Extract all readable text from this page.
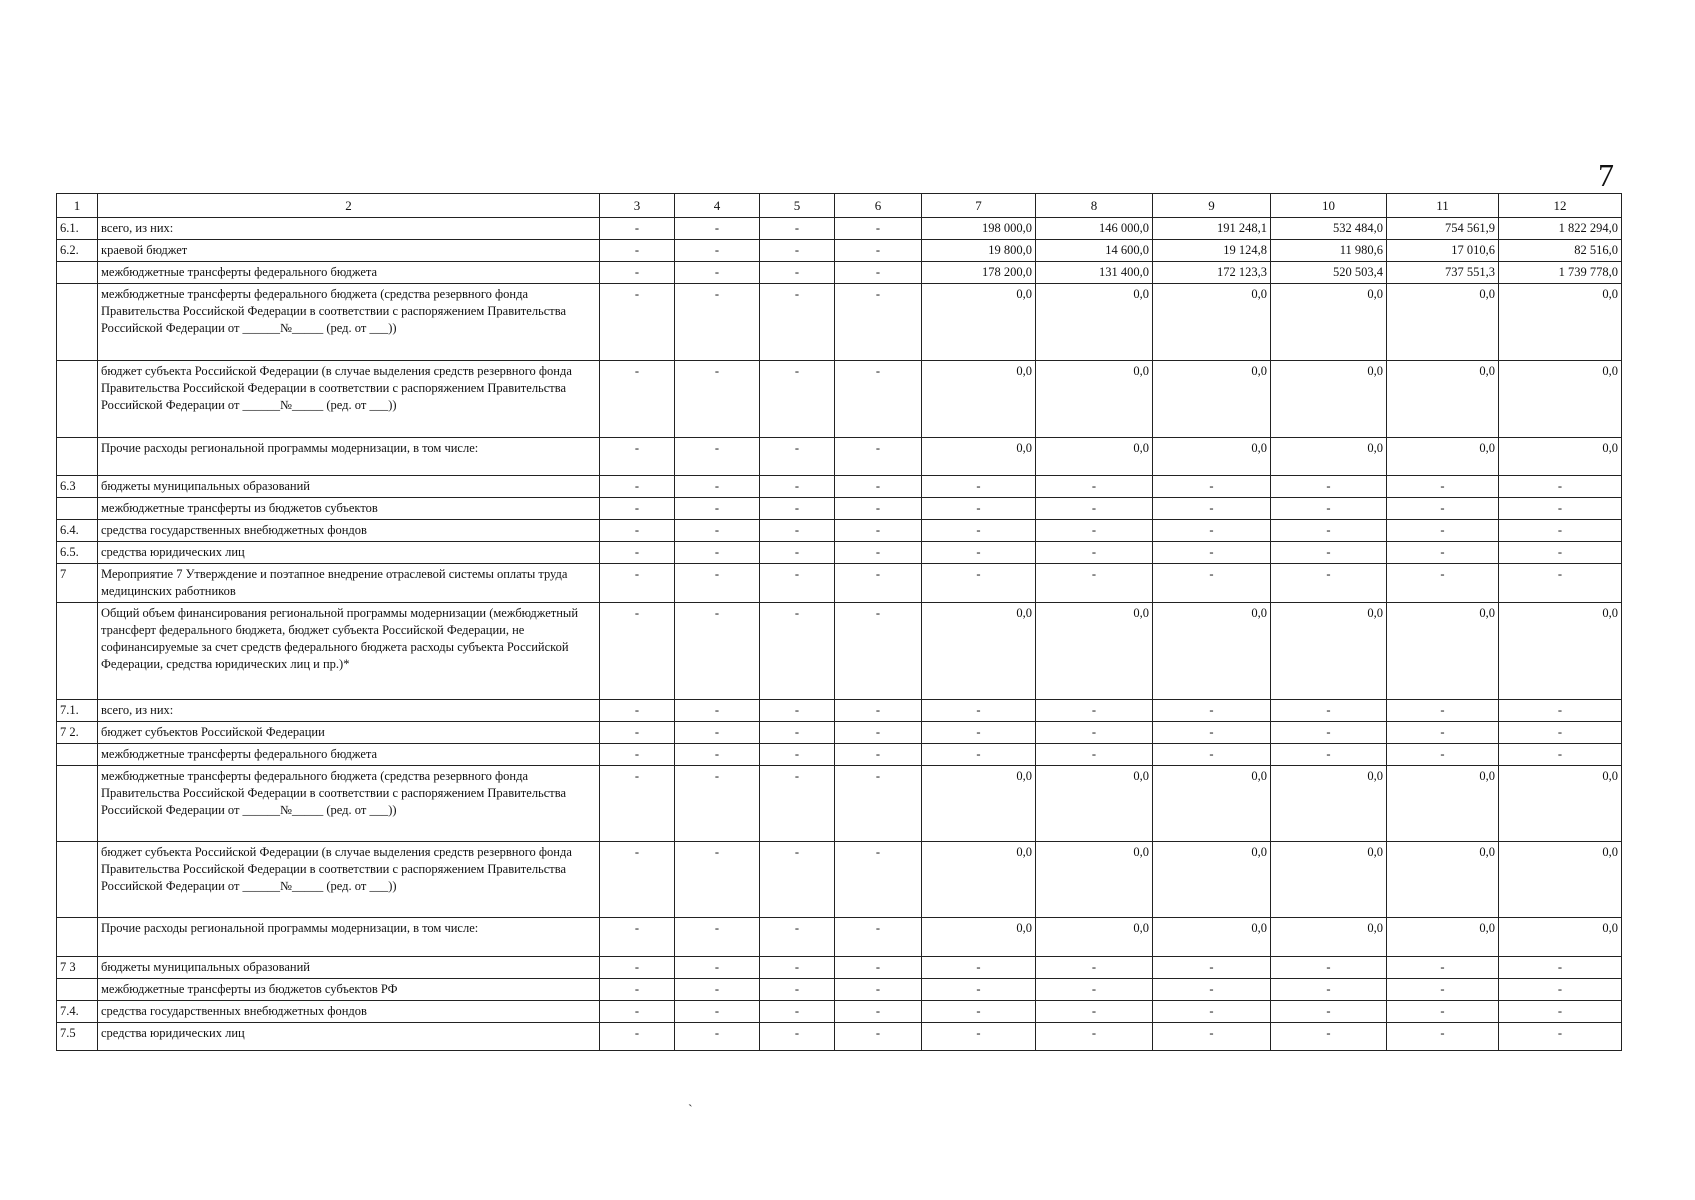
7
1	2	3	4	5	6	7	8	9	10	11	12
6.1.	всего, из них:	-	-	-	-	198 000,0	146 000,0	191 248,1	532 484,0	754 561,9	1 822 294,0
6.2.	краевой бюджет	-	-	-	-	19 800,0	14 600,0	19 124,8	11 980,6	17 010,6	82 516,0
	межбюджетные трансферты федерального бюджета	-	-	-	-	178 200,0	131 400,0	172 123,3	520 503,4	737 551,3	1 739 778,0
	межбюджетные трансферты федерального бюджета (средства резервного фонда Правительства Российской Федерации в соответствии с распоряжением Правительства Российской Федерации от ______№_____ (ред. от ___))	-	-	-	-	0,0	0,0	0,0	0,0	0,0	0,0
	бюджет субъекта Российской Федерации (в случае выделения средств резервного фонда Правительства Российской Федерации в соответствии с распоряжением Правительства Российской Федерации от ______№_____ (ред. от ___))	-	-	-	-	0,0	0,0	0,0	0,0	0,0	0,0
	Прочие расходы региональной программы модернизации, в том числе:	-	-	-	-	0,0	0,0	0,0	0,0	0,0	0,0
6.3	бюджеты муниципальных образований	-	-	-	-	-	-	-	-	-	-
	межбюджетные трансферты из бюджетов субъектов	-	-	-	-	-	-	-	-	-	-
6.4.	средства государственных внебюджетных фондов	-	-	-	-	-	-	-	-	-	-
6.5.	средства юридических лиц	-	-	-	-	-	-	-	-	-	-
7	Мероприятие 7 Утверждение и поэтапное внедрение отраслевой системы оплаты труда медицинских работников	-	-	-	-	-	-	-	-	-	-
	Общий объем финансирования региональной программы модернизации (межбюджетный трансферт федерального бюджета, бюджет субъекта Российской Федерации, не софинансируемые за счет средств федерального бюджета расходы субъекта Российской Федерации, средства юридических лиц и пр.)*	-	-	-	-	0,0	0,0	0,0	0,0	0,0	0,0
7.1.	всего, из них:	-	-	-	-	-	-	-	-	-	-
7 2.	бюджет субъектов Российской Федерации	-	-	-	-	-	-	-	-	-	-
	межбюджетные трансферты федерального бюджета	-	-	-	-	-	-	-	-	-	-
	межбюджетные трансферты федерального бюджета (средства резервного фонда Правительства Российской Федерации в соответствии с распоряжением Правительства Российской Федерации от ______№_____ (ред. от ___))	-	-	-	-	0,0	0,0	0,0	0,0	0,0	0,0
	бюджет субъекта Российской Федерации (в случае выделения средств резервного фонда Правительства Российской Федерации в соответствии с распоряжением Правительства Российской Федерации от ______№_____ (ред. от ___))	-	-	-	-	0,0	0,0	0,0	0,0	0,0	0,0
	Прочие расходы региональной программы модернизации, в том числе:	-	-	-	-	0,0	0,0	0,0	0,0	0,0	0,0
7 3	бюджеты муниципальных образований	-	-	-	-	-	-	-	-	-	-
	межбюджетные трансферты из бюджетов субъектов РФ	-	-	-	-	-	-	-	-	-	-
7.4.	средства государственных внебюджетных фондов	-	-	-	-	-	-	-	-	-	-
7.5	средства юридических лиц	-	-	-	-	-	-	-	-	-	-
`
